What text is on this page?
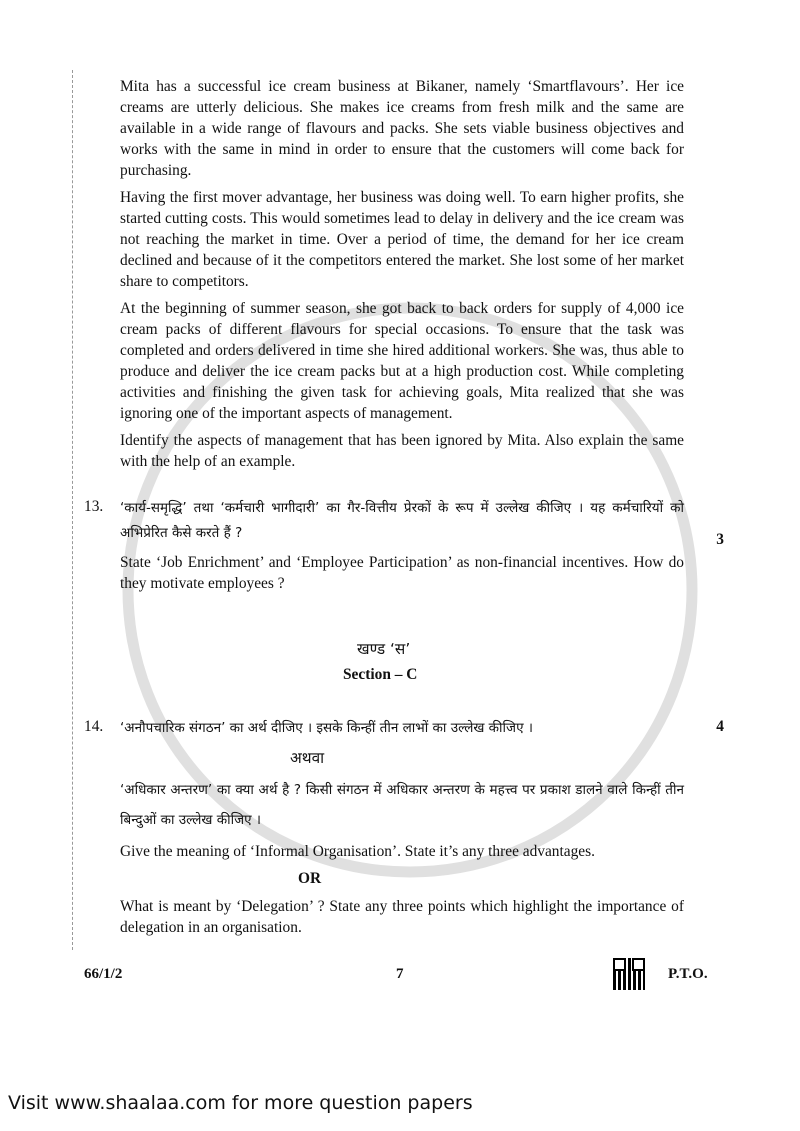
Mita has a successful ice cream business at Bikaner, namely ‘Smartflavours’. Her ice creams are utterly delicious. She makes ice creams from fresh milk and the same are available in a wide range of flavours and packs. She sets viable business objectives and works with the same in mind in order to ensure that the customers will come back for purchasing.

Having the first mover advantage, her business was doing well. To earn higher profits, she started cutting costs. This would sometimes lead to delay in delivery and the ice cream was not reaching the market in time. Over a period of time, the demand for her ice cream declined and because of it the competitors entered the market. She lost some of her market share to competitors.

At the beginning of summer season, she got back to back orders for supply of 4,000 ice cream packs of different flavours for special occasions. To ensure that the task was completed and orders delivered in time she hired additional workers. She was, thus able to produce and deliver the ice cream packs but at a high production cost. While completing activities and finishing the given task for achieving goals, Mita realized that she was ignoring one of the important aspects of management.

Identify the aspects of management that has been ignored by Mita. Also explain the same with the help of an example.

13.	‘कार्य-समृद्धि’ तथा ‘कर्मचारी भागीदारी’ का गैर-वित्तीय प्रेरकों के रूप में उल्लेख कीजिए । यह कर्मचारियों को अभिप्रेरित कैसे करते हैं ?	3

State ‘Job Enrichment’ and ‘Employee Participation’ as non-financial incentives. How do they motivate employees ?

खण्ड ‘स’
Section – C
14.	‘अनौपचारिक संगठन’ का अर्थ दीजिए । इसके किन्हीं तीन लाभों का उल्लेख कीजिए ।	4
अथवा

‘अधिकार अन्तरण’ का क्या अर्थ है ? किसी संगठन में अधिकार अन्तरण के महत्त्व पर प्रकाश डालने वाले किन्हीं तीन बिन्दुओं का उल्लेख कीजिए ।

Give the meaning of ‘Informal Organisation’. State it’s any three advantages.

OR

What is meant by ‘Delegation’ ? State any three points which highlight the importance of delegation in an organisation.

66/1/2	7	P.T.O.
Visit www.shaalaa.com for more question papers
